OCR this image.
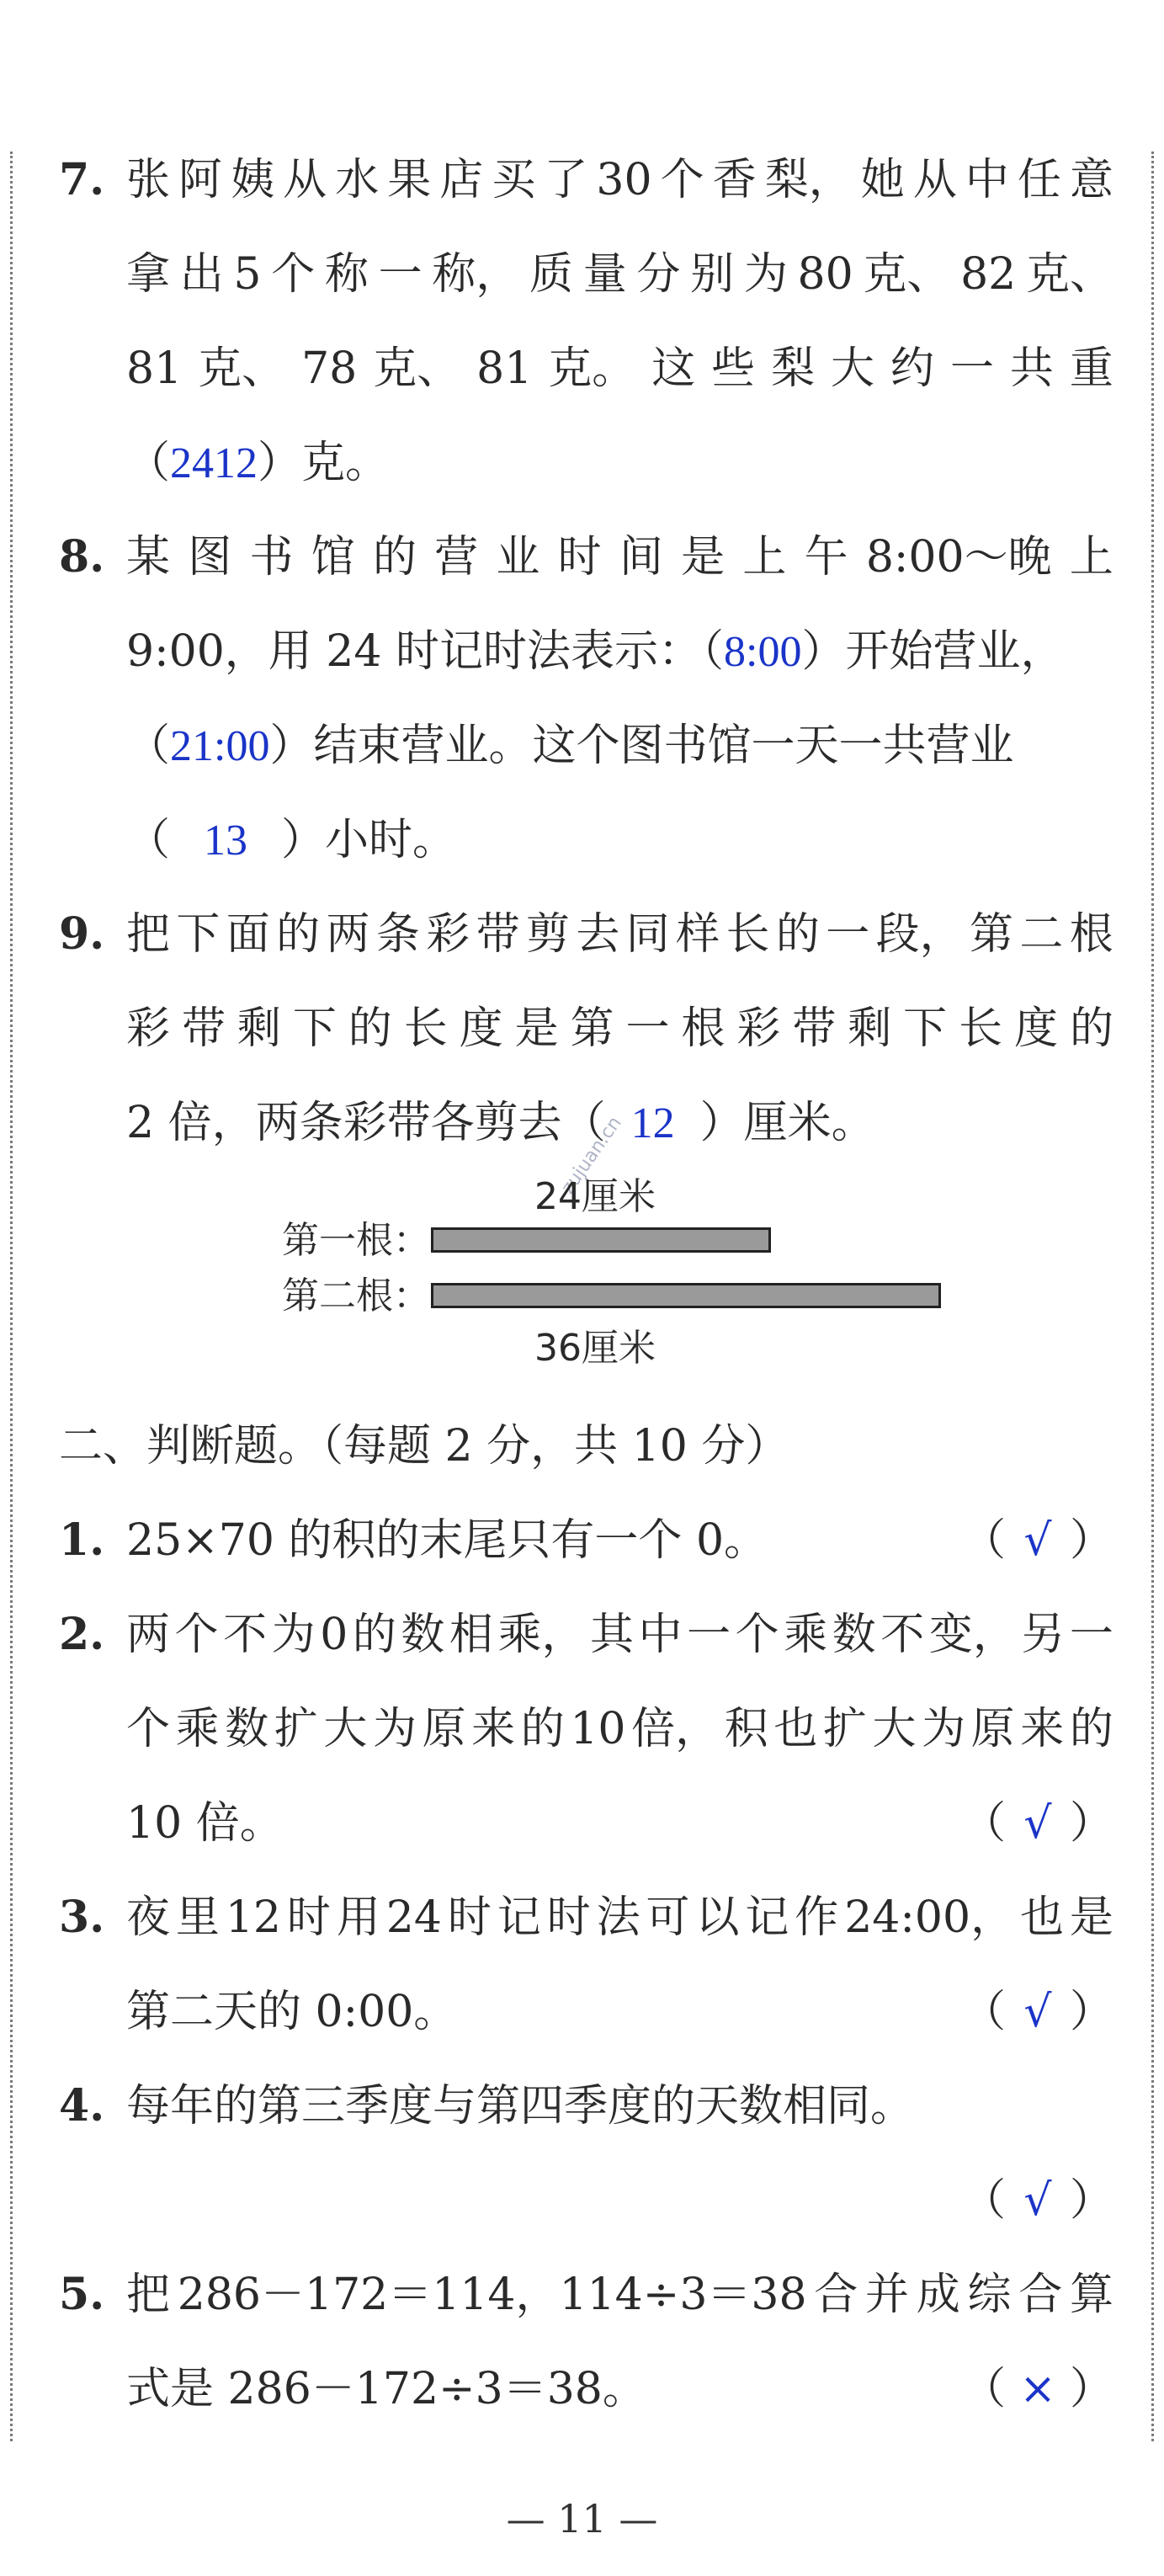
zujuan.cn
7. 张 阿 姨 从 水 果 店 买 了 30 个 香 梨， 她 从 中 任 意
拿 出 5 个 称 一 称， 质 量 分 别 为 80 克、 82 克、
81 克、 78 克、 81 克。 这 些 梨 大 约 一 共 重
（2412）克。
8. 某 图 书 馆 的 营 业 时 间 是 上 午 8:00～晚 上
9:00，用 24 时记时法表示：（8:00）开始营业，
（21:00）结束营业。这个图书馆一天一共营业
（ 13 ）小时。
9. 把 下 面 的 两 条 彩 带 剪 去 同 样 长 的 一 段， 第 二 根
彩 带 剩 下 的 长 度 是 第 一 根 彩 带 剩 下 长 度 的
2 倍，两条彩带各剪去（ 12 ）厘米。
24厘米
第一根：
第二根：
36厘米
二、判断题。（每题 2 分，共 10 分）
1. 25×70 的积的末尾只有一个 0。	（ √ ）
2. 两 个 不 为 0 的 数 相 乘， 其 中 一 个 乘 数 不 变， 另 一
个 乘 数 扩 大 为 原 来 的 10 倍， 积 也 扩 大 为 原 来 的
10 倍。	（ √ ）
3. 夜 里 12 时 用 24 时 记 时 法 可 以 记 作 24:00， 也 是
第二天的 0:00。	（ √ ）
4. 每年的第三季度与第四季度的天数相同。
（ √ ）
5. 把 286－172＝114，114÷3＝38 合 并 成 综 合 算
式是 286－172÷3＝38。	（ × ）
— 11 —
